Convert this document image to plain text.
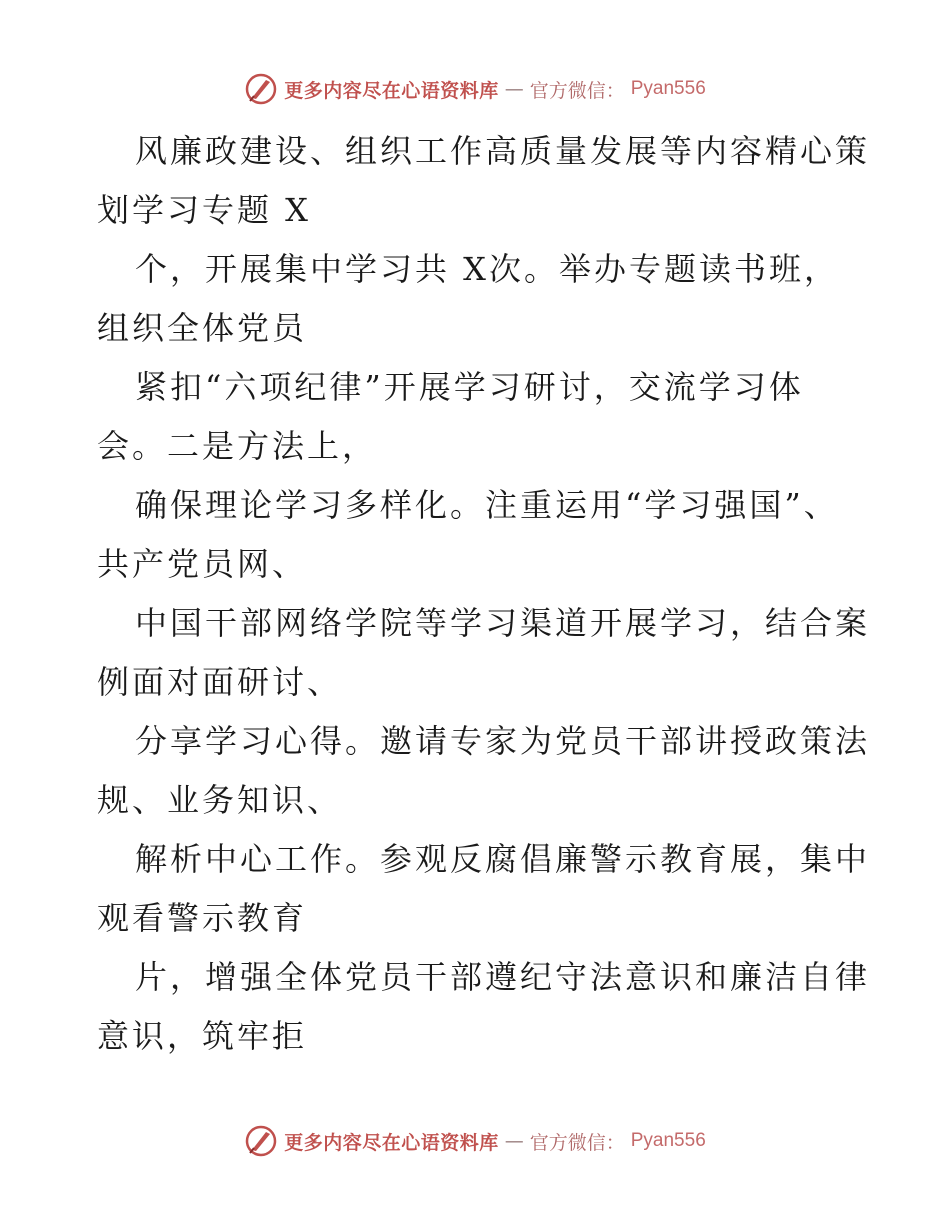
更多内容尽在心语资料库 — 官方微信： Pyan556
风廉政建设、组织工作高质量发展等内容精心策
划学习专题 X
个，开展集中学习共 X次。举办专题读书班，
组织全体党员
紧扣“六项纪律”开展学习研讨，交流学习体
会。二是方法上，
确保理论学习多样化。注重运用“学习强国”、
共产党员网、
中国干部网络学院等学习渠道开展学习，结合案
例面对面研讨、
分享学习心得。邀请专家为党员干部讲授政策法
规、业务知识、
解析中心工作。参观反腐倡廉警示教育展，集中
观看警示教育
片，增强全体党员干部遵纪守法意识和廉洁自律
意识，筑牢拒
更多内容尽在心语资料库 — 官方微信： Pyan556
